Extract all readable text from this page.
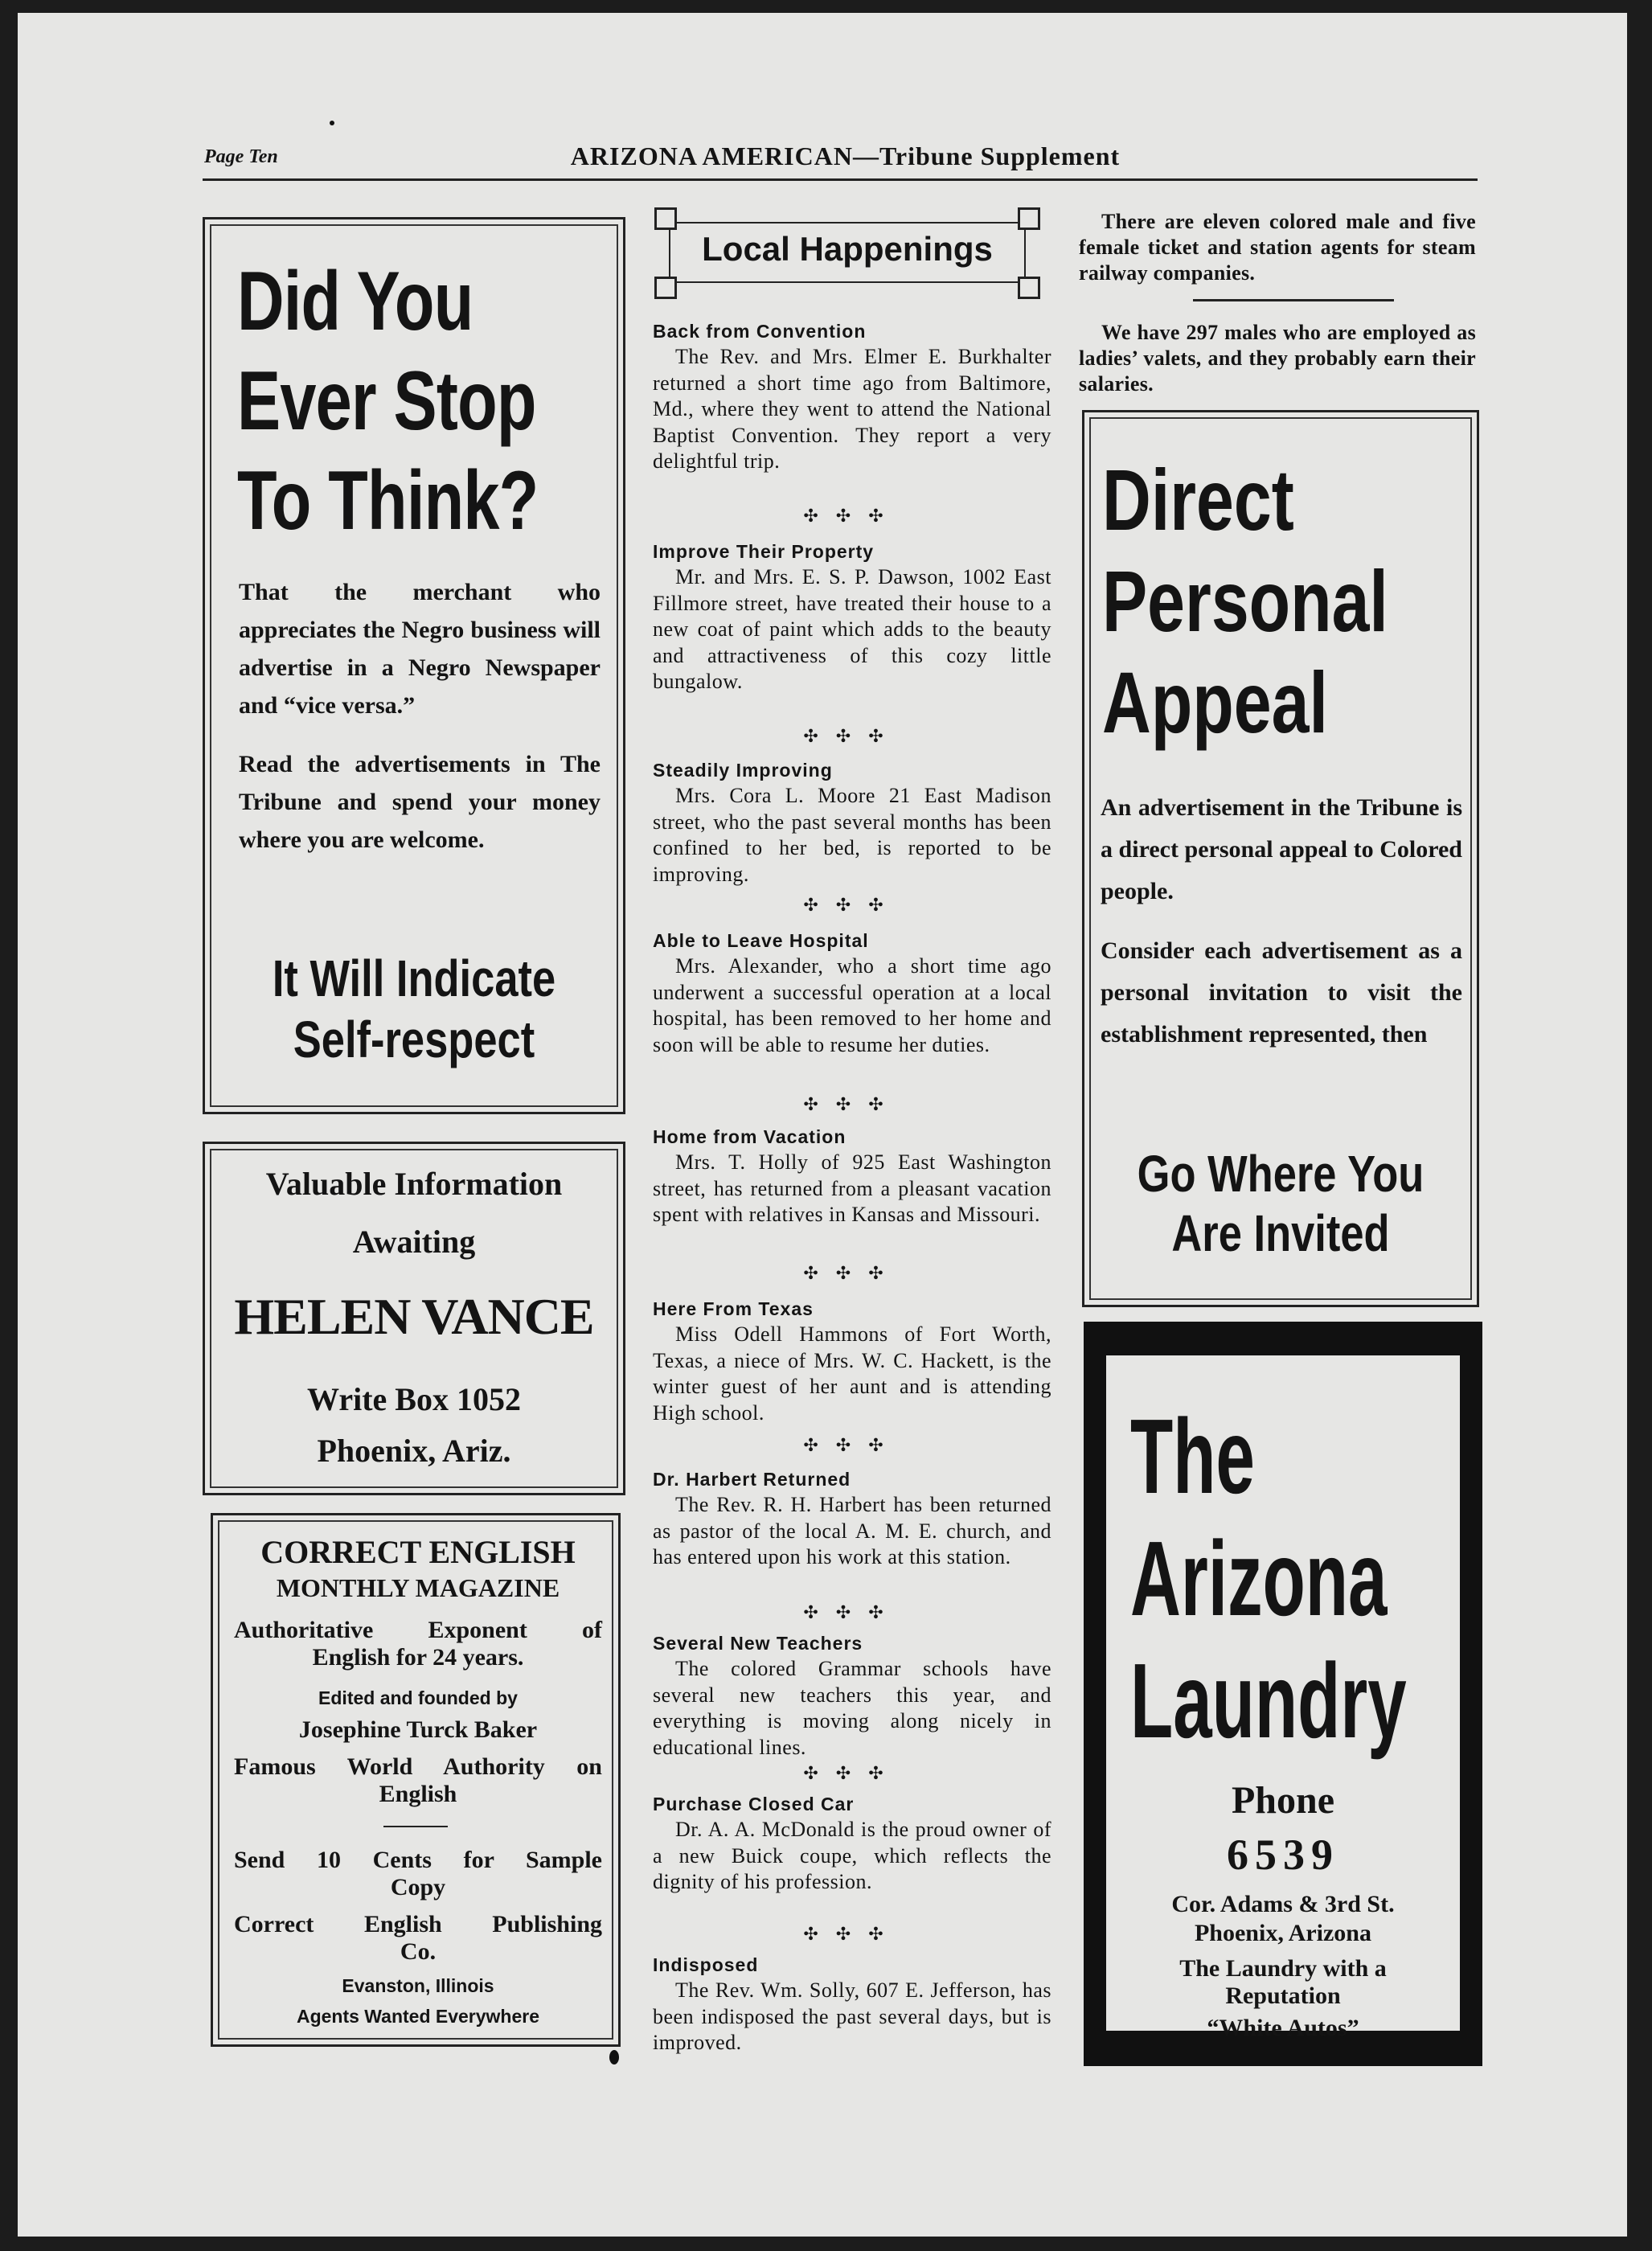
Page Ten	ARIZONA AMERICAN—Tribune Supplement
Did You
Ever Stop
To Think?
That the merchant who appreciates the Negro business will advertise in a Negro Newspaper and “vice versa.”
Read the advertisements in The Tribune and spend your money where you are welcome.
It Will Indicate
Self-respect
Valuable Information
Awaiting
HELEN VANCE
Write Box 1052
Phoenix, Ariz.
CORRECT ENGLISH
MONTHLY MAGAZINE
Authoritative Exponent of
English for 24 years.
Edited and founded by
Josephine Turck Baker
Famous World Authority on
English
Send 10 Cents for Sample
Copy
Correct English Publishing
Co.
Evanston, Illinois
Agents Wanted Everywhere
Local Happenings
Back from Convention

The Rev. and Mrs. Elmer E. Burkhalter returned a short time ago from Baltimore, Md., where they went to attend the National Baptist Convention. They report a very delightful trip.

✣✣✣
Improve Their Property

Mr. and Mrs. E. S. P. Dawson, 1002 East Fillmore street, have treated their house to a new coat of paint which adds to the beauty and attractiveness of this cozy little bungalow.

✣✣✣
Steadily Improving

Mrs. Cora L. Moore 21 East Madison street, who the past several months has been confined to her bed, is reported to be improving.

✣✣✣
Able to Leave Hospital

Mrs. Alexander, who a short time ago underwent a successful operation at a local hospital, has been removed to her home and soon will be able to resume her duties.

✣✣✣
Home from Vacation

Mrs. T. Holly of 925 East Washington street, has returned from a pleasant vacation spent with relatives in Kansas and Missouri.

✣✣✣
Here From Texas

Miss Odell Hammons of Fort Worth, Texas, a niece of Mrs. W. C. Hackett, is the winter guest of her aunt and is attending High school.

✣✣✣
Dr. Harbert Returned

The Rev. R. H. Harbert has been returned as pastor of the local A. M. E. church, and has entered upon his work at this station.

✣✣✣
Several New Teachers

The colored Grammar schools have several new teachers this year, and everything is moving along nicely in educational lines.

✣✣✣
Purchase Closed Car

Dr. A. A. McDonald is the proud owner of a new Buick coupe, which reflects the dignity of his profession.

✣✣✣
Indisposed

The Rev. Wm. Solly, 607 E. Jefferson, has been indisposed the past several days, but is improved.

There are eleven colored male and five female ticket and station agents for steam railway companies.
We have 297 males who are employed as ladies’ valets, and they probably earn their salaries.
Direct
Personal
Appeal
An advertisement in the Tribune is a direct personal appeal to Colored people.
Consider each advertisement as a personal invitation to visit the establishment represented, then
Go Where You
Are Invited
The
Arizona
Laundry
Phone
6539
Cor. Adams & 3rd St.
Phoenix, Arizona
The Laundry with a
Reputation
“White Autos”
